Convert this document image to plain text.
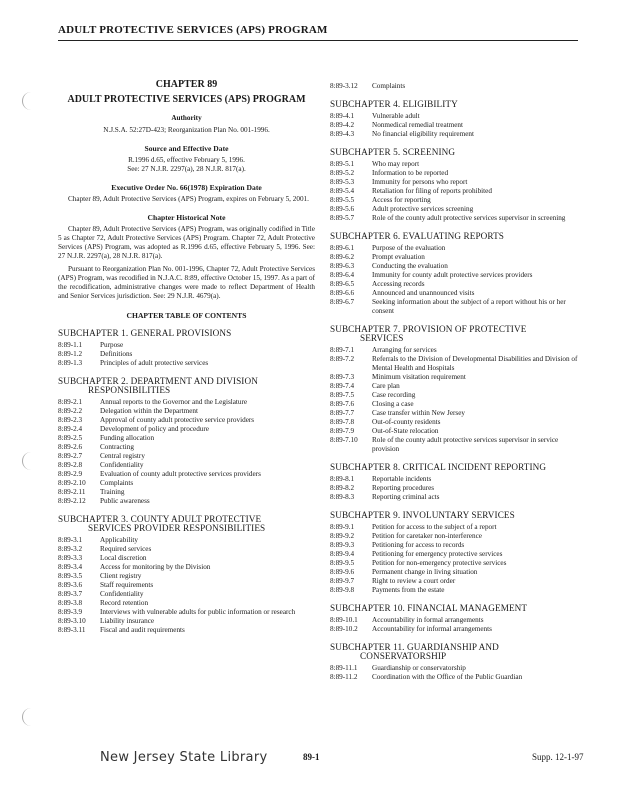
ADULT PROTECTIVE SERVICES (APS) PROGRAM
CHAPTER 89
ADULT PROTECTIVE SERVICES (APS) PROGRAM
Authority
N.J.S.A. 52:27D-423; Reorganization Plan No. 001-1996.
Source and Effective Date
R.1996 d.65, effective February 5, 1996.
See: 27 N.J.R. 2297(a), 28 N.J.R. 817(a).
Executive Order No. 66(1978) Expiration Date
Chapter 89, Adult Protective Services (APS) Program, expires on February 5, 2001.
Chapter Historical Note
Chapter 89, Adult Protective Services (APS) Program, was originally codified in Title 5 as Chapter 72, Adult Protective Services (APS) Program. Chapter 72, Adult Protective Services (APS) Program, was adopted as R.1996 d.65, effective February 5, 1996. See: 27 N.J.R. 2297(a), 28 N.J.R. 817(a).
Pursuant to Reorganization Plan No. 001-1996, Chapter 72, Adult Protective Services (APS) Program, was recodified in N.J.A.C. 8:89, effective October 15, 1997. As a part of the recodification, administrative changes were made to reflect Department of Health and Senior Services jurisdiction. See: 29 N.J.R. 4679(a).
CHAPTER TABLE OF CONTENTS
SUBCHAPTER 1. GENERAL PROVISIONS
8:89-1.1	Purpose
8:89-1.2	Definitions
8:89-1.3	Principles of adult protective services
SUBCHAPTER 2. DEPARTMENT AND DIVISION
RESPONSIBILITIES
8:89-2.1	Annual reports to the Governor and the Legislature
8:89-2.2	Delegation within the Department
8:89-2.3	Approval of county adult protective service providers
8:89-2.4	Development of policy and procedure
8:89-2.5	Funding allocation
8:89-2.6	Contracting
8:89-2.7	Central registry
8:89-2.8	Confidentiality
8:89-2.9	Evaluation of county adult protective services providers
8:89-2.10	Complaints
8:89-2.11	Training
8:89-2.12	Public awareness
SUBCHAPTER 3. COUNTY ADULT PROTECTIVE
SERVICES PROVIDER RESPONSIBILITIES
8:89-3.1	Applicability
8:89-3.2	Required services
8:89-3.3	Local discretion
8:89-3.4	Access for monitoring by the Division
8:89-3.5	Client registry
8:89-3.6	Staff requirements
8:89-3.7	Confidentiality
8:89-3.8	Record retention
8:89-3.9	Interviews with vulnerable adults for public information or research
8:89-3.10	Liability insurance
8:89-3.11	Fiscal and audit requirements
8:89-3.12	Complaints
SUBCHAPTER 4. ELIGIBILITY
8:89-4.1	Vulnerable adult
8:89-4.2	Nonmedical remedial treatment
8:89-4.3	No financial eligibility requirement
SUBCHAPTER 5. SCREENING
8:89-5.1	Who may report
8:89-5.2	Information to be reported
8:89-5.3	Immunity for persons who report
8:89-5.4	Retaliation for filing of reports prohibited
8:89-5.5	Access for reporting
8:89-5.6	Adult protective services screening
8:89-5.7	Role of the county adult protective services supervisor in screening
SUBCHAPTER 6. EVALUATING REPORTS
8:89-6.1	Purpose of the evaluation
8:89-6.2	Prompt evaluation
8:89-6.3	Conducting the evaluation
8:89-6.4	Immunity for county adult protective services providers
8:89-6.5	Accessing records
8:89-6.6	Announced and unannounced visits
8:89-6.7	Seeking information about the subject of a report without his or her consent
SUBCHAPTER 7. PROVISION OF PROTECTIVE
SERVICES
8:89-7.1	Arranging for services
8:89-7.2	Referrals to the Division of Developmental Disabilities and Division of Mental Health and Hospitals
8:89-7.3	Minimum visitation requirement
8:89-7.4	Care plan
8:89-7.5	Case recording
8:89-7.6	Closing a case
8:89-7.7	Case transfer within New Jersey
8:89-7.8	Out-of-county residents
8:89-7.9	Out-of-State relocation
8:89-7.10	Role of the county adult protective services supervisor in service provision
SUBCHAPTER 8. CRITICAL INCIDENT REPORTING
8:89-8.1	Reportable incidents
8:89-8.2	Reporting procedures
8:89-8.3	Reporting criminal acts
SUBCHAPTER 9. INVOLUNTARY SERVICES
8:89-9.1	Petition for access to the subject of a report
8:89-9.2	Petition for caretaker non-interference
8:89-9.3	Petitioning for access to records
8:89-9.4	Petitioning for emergency protective services
8:89-9.5	Petition for non-emergency protective services
8:89-9.6	Permanent change in living situation
8:89-9.7	Right to review a court order
8:89-9.8	Payments from the estate
SUBCHAPTER 10. FINANCIAL MANAGEMENT
8:89-10.1	Accountability in formal arrangements
8:89-10.2	Accountability for informal arrangements
SUBCHAPTER 11. GUARDIANSHIP AND
CONSERVATORSHIP
8:89-11.1	Guardianship or conservatorship
8:89-11.2	Coordination with the Office of the Public Guardian
New Jersey State Library	89-1	Supp. 12-1-97
